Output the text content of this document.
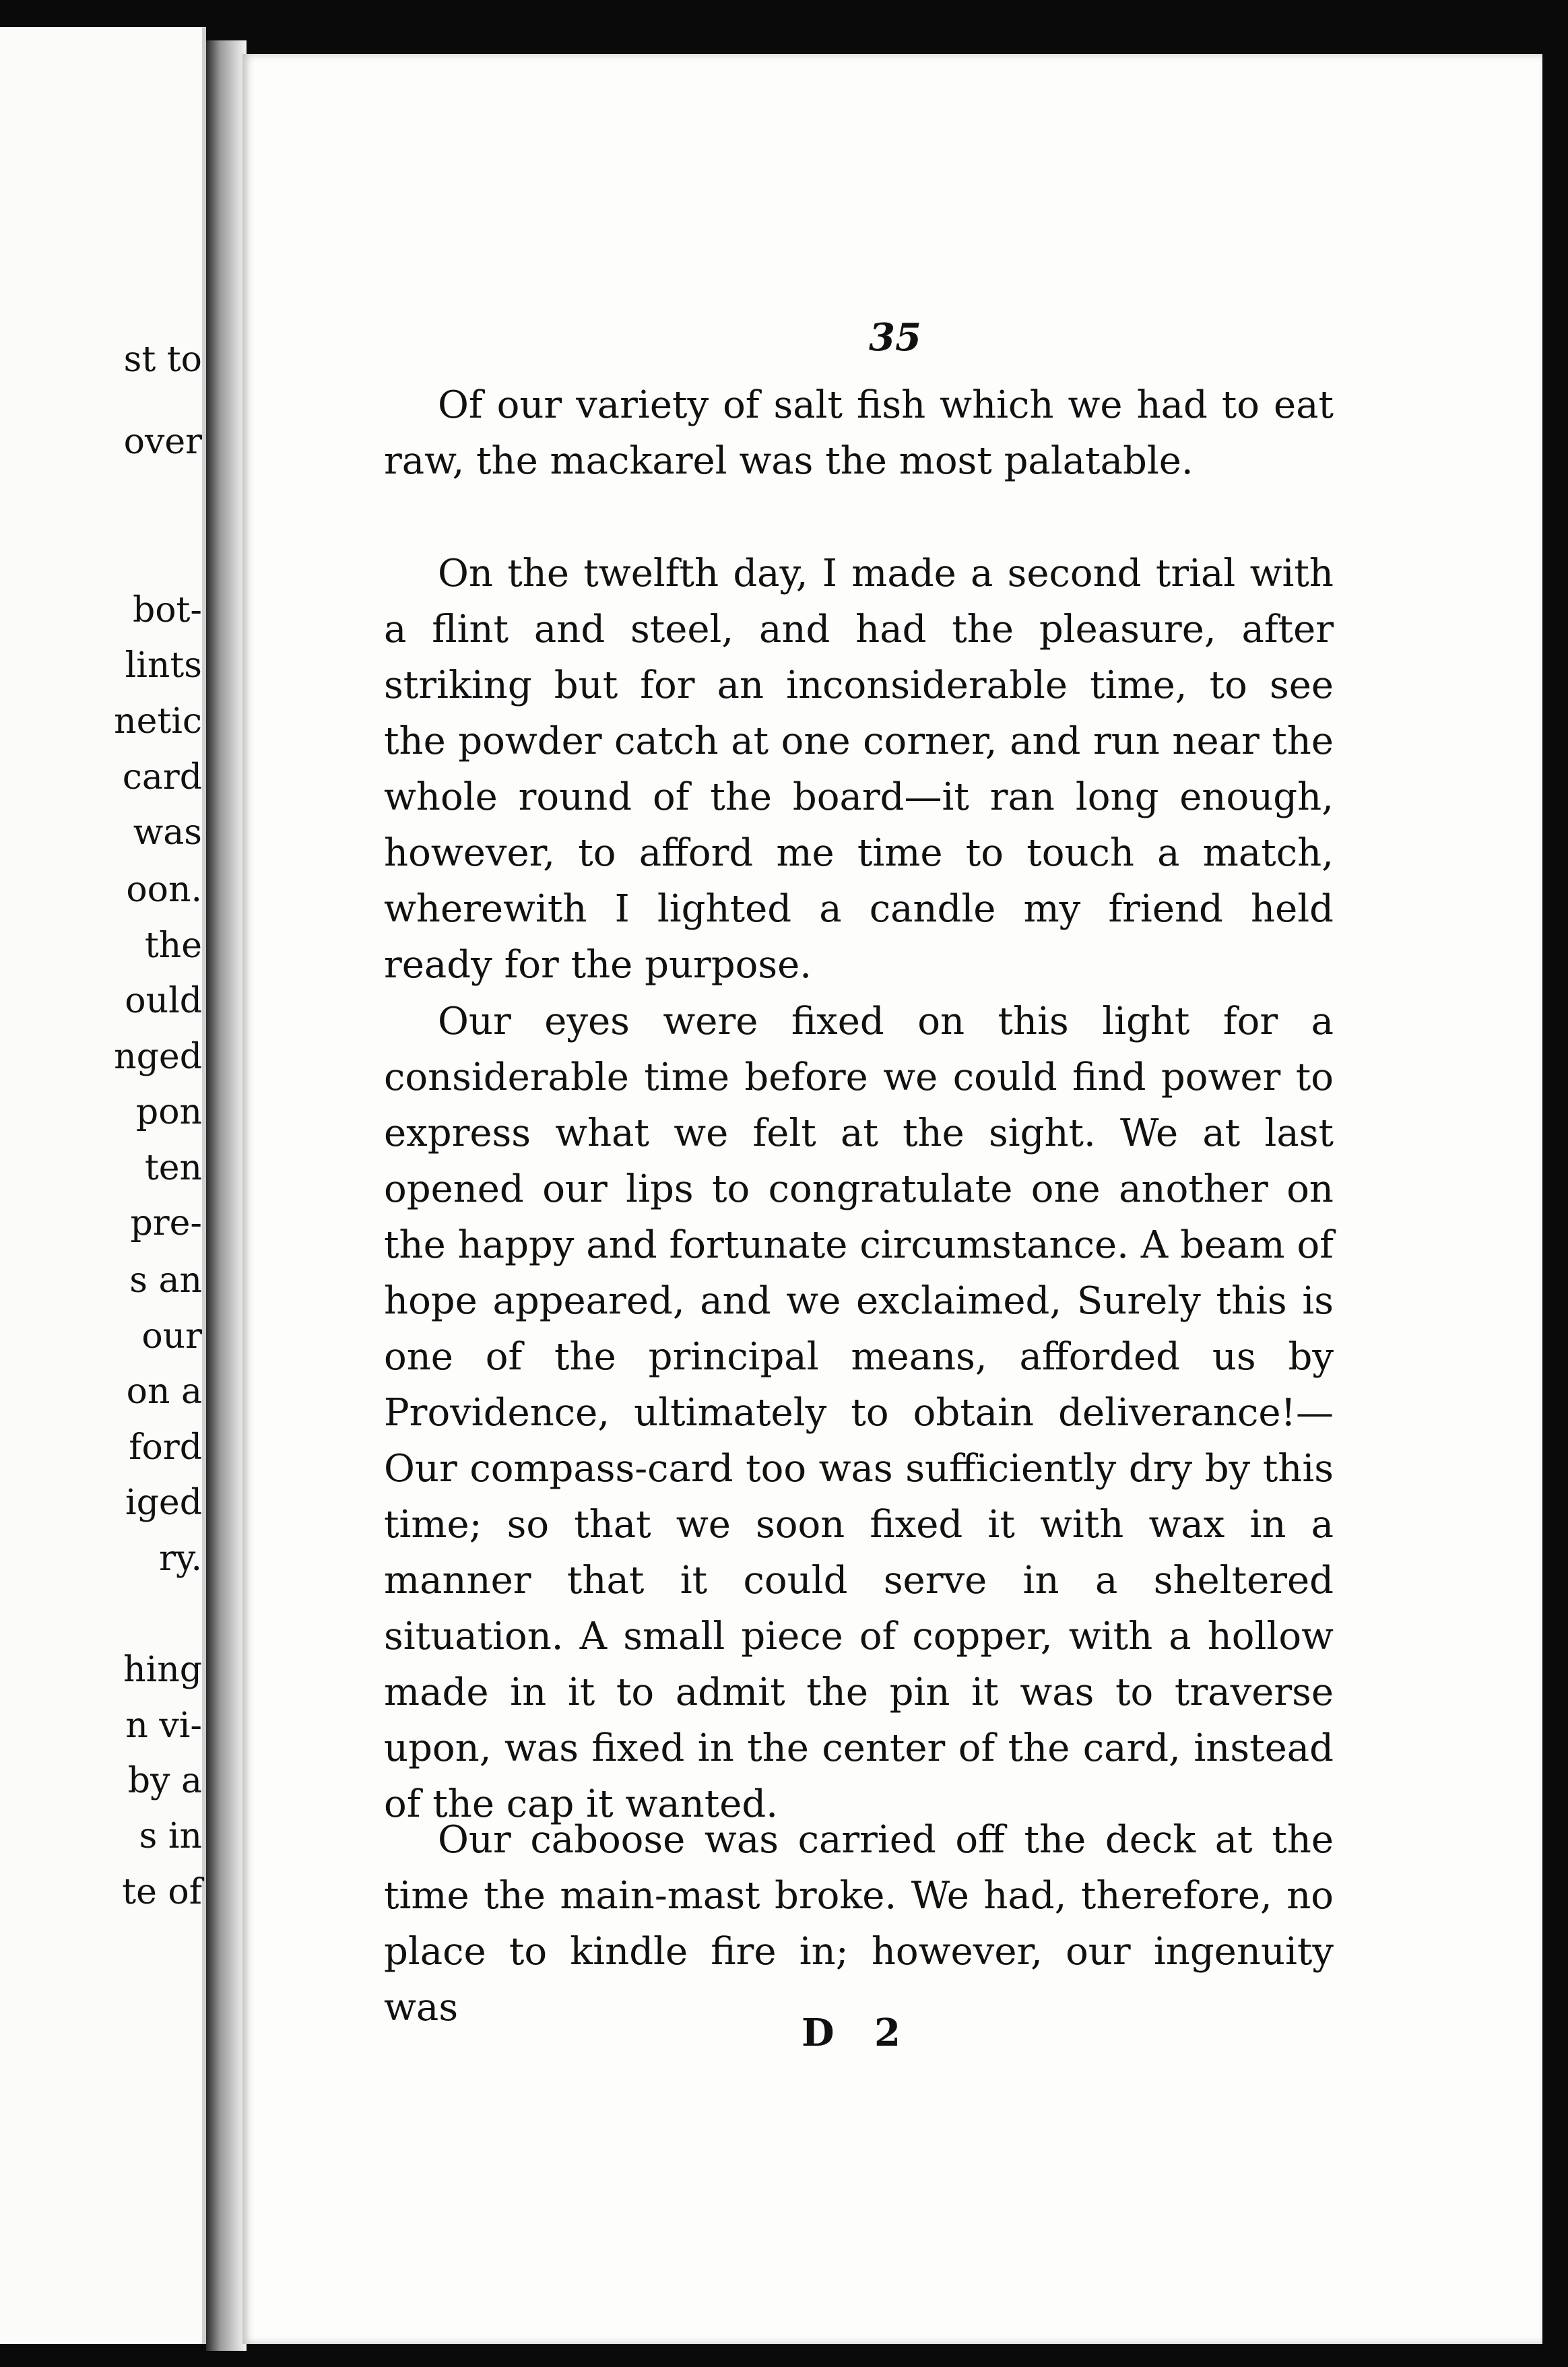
st to
over
bot-
lints
netic
card
was
oon.
the
ould
nged
pon
ten
pre-
s an
our
on a
ford
iged
ry.
hing
n vi-
by a
s in
te of
35

Of our variety of salt fish which we had to eat raw, the mackarel was the most palatable.

On the twelfth day, I made a second trial with a flint and steel, and had the pleasure, after striking but for an inconsiderable time, to see the powder catch at one corner, and run near the whole round of the board—it ran long enough, however, to afford me time to touch a match, wherewith I lighted a candle my friend held ready for the purpose.

Our eyes were fixed on this light for a considerable time before we could find power to express what we felt at the sight. We at last opened our lips to congratulate one another on the happy and fortunate circumstance. A beam of hope appeared, and we exclaimed, Surely this is one of the principal means, afforded us by Providence, ultimately to obtain deliverance!—Our compass-card too was sufficiently dry by this time; so that we soon fixed it with wax in a manner that it could serve in a sheltered situation. A small piece of copper, with a hollow made in it to admit the pin it was to traverse upon, was fixed in the center of the card, instead of the cap it wanted.

Our caboose was carried off the deck at the time the main-mast broke. We had, therefore, no place to kindle fire in; however, our ingenuity was

D 2
